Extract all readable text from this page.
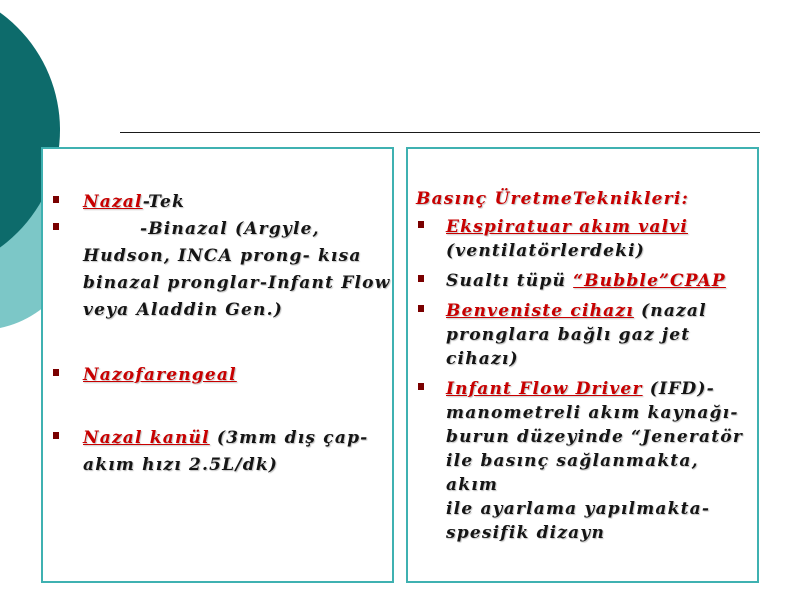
Nazal-Tek
-Binazal (Argyle,
Hudson, INCA prong- kısa
binazal pronglar-Infant Flow
veya Aladdin Gen.)
Nazofarengeal
Nazal kanül (3mm dış çap-
akım hızı 2.5L/dk)
Basınç ÜretmeTeknikleri:
Ekspiratuar akım valvi
(ventilatörlerdeki)
Sualtı tüpü “Bubble”CPAP
Benveniste cihazı (nazal
pronglara bağlı gaz jet
cihazı)
Infant Flow Driver (IFD)-
manometreli akım kaynağı-
burun düzeyinde “Jeneratör
ile basınç sağlanmakta, akım
ile ayarlama yapılmakta-
spesifik dizayn
